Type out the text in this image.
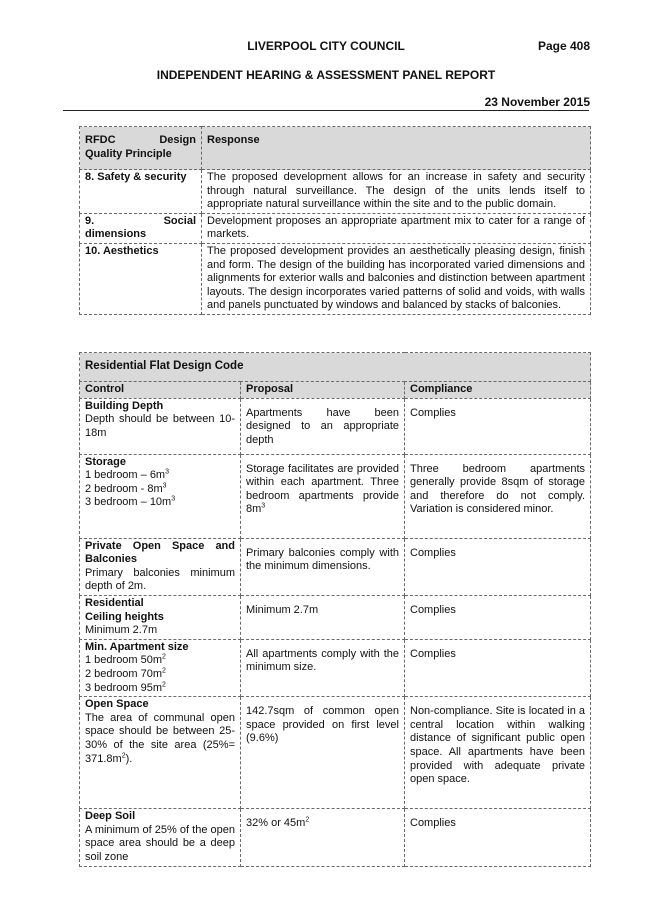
LIVERPOOL CITY COUNCIL	Page 408
INDEPENDENT HEARING & ASSESSMENT PANEL REPORT
23 November 2015
RFDC Design
Quality Principle	Response
8. Safety & security	The proposed development allows for an increase in safety and security through natural surveillance. The design of the units lends itself to appropriate natural surveillance within the site and to the public domain.

9. Social
dimensions	Development proposes an appropriate apartment mix to cater for a range of markets.
10. Aesthetics	The proposed development provides an aesthetically pleasing design, finish and form. The design of the building has incorporated varied dimensions and alignments for exterior walls and balconies and distinction between apartment layouts. The design incorporates varied patterns of solid and voids, with walls and panels punctuated by windows and balanced by stacks of balconies.
Residential Flat Design Code		
Control	Proposal	Compliance

Building Depth
Depth should be between 10-18m	Apartments have been designed to an appropriate depth	Complies

Storage
1 bedroom – $6m^3$
2 bedroom - $8m^3$
3 bedroom – $10m^3$	Storage facilitates are provided within each apartment. Three bedroom apartments provide $8m^3$	Three bedroom apartments generally provide 8sqm of storage and therefore do not comply. Variation is considered minor.

Private Open Space and Balconies
Primary balconies minimum depth of 2m.	Primary balconies comply with the minimum dimensions.	Complies

Residential
Ceiling heights
Minimum 2.7m	Minimum 2.7m	Complies

Min. Apartment size
1 bedroom $50m^2$
2 bedroom $70m^2$
3 bedroom $95m^2$	All apartments comply with the minimum size.	Complies

Open Space
The area of communal open space should be between 25-30% of the site area $(25\%= 371.8m^2)$.	142.7sqm of common open space provided on first level (9.6%)	Non-compliance. Site is located in a central location within walking distance of significant public open space. All apartments have been provided with adequate private open space.

Deep Soil
A minimum of 25% of the open space area should be a deep soil zone	32% or $45m^2$	Complies
